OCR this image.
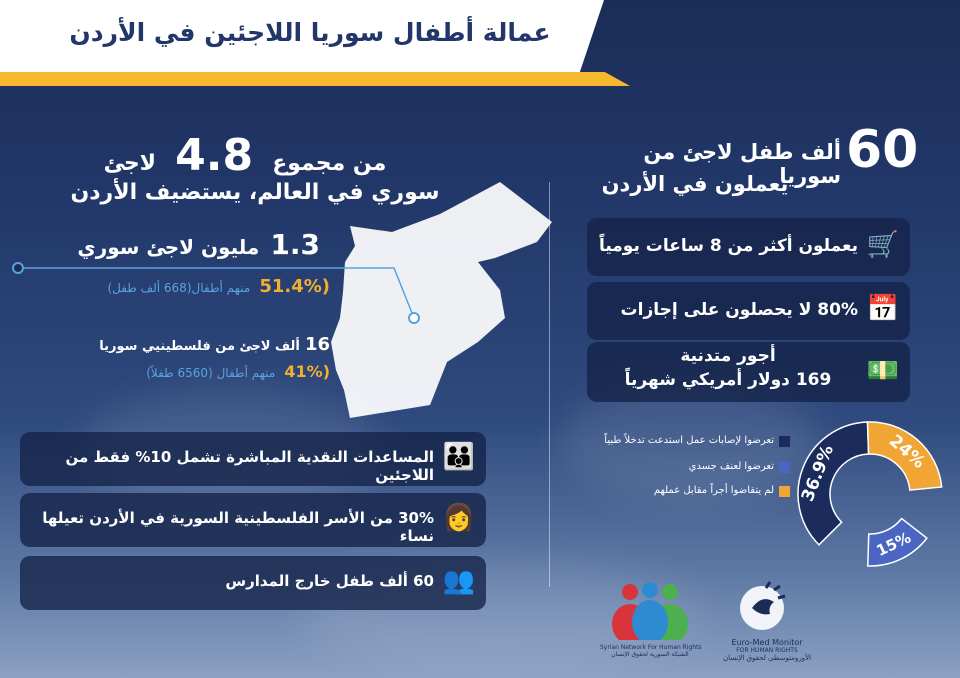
عمالة أطفال سوريا اللاجئين في الأردن
من مجموع 4.8 لاجئ
سوري في العالم، يستضيف الأردن
60
ألف طفل لاجئ من سوريا
يعملون في الأردن
1.3 مليون لاجئ سوري
(51.4% منهم أطفال(668 ألف طفل)
16 ألف لاجئ من فلسطينيي سوريا
(41% منهم أطفال (6560 طفلاً)
🛒
يعملون أكثر من 8 ساعات يومياً
📅
80% لا يحصلون على إجازات
💵
أجور متدنية
169 دولار أمريكي شهرياً
👪
المساعدات النقدية المباشرة تشمل 10% فقط من اللاجئين
👩
30% من الأسر الفلسطينية السورية في الأردن تعيلها نساء
👥
60 ألف طفل خارج المدارس
تعرضوا لإصابات عمل استدعت تدخلاً طبياً
تعرضوا لعنف جسدي
لم يتقاضوا أجراً مقابل عملهم 36.9%
15%
24%
Syrian Network For Human Rights
الشبكة السورية لحقوق الإنسان
Euro-Med Monitor
FOR HUMAN RIGHTS
الأورومتوسطي لحقوق الإنسان
